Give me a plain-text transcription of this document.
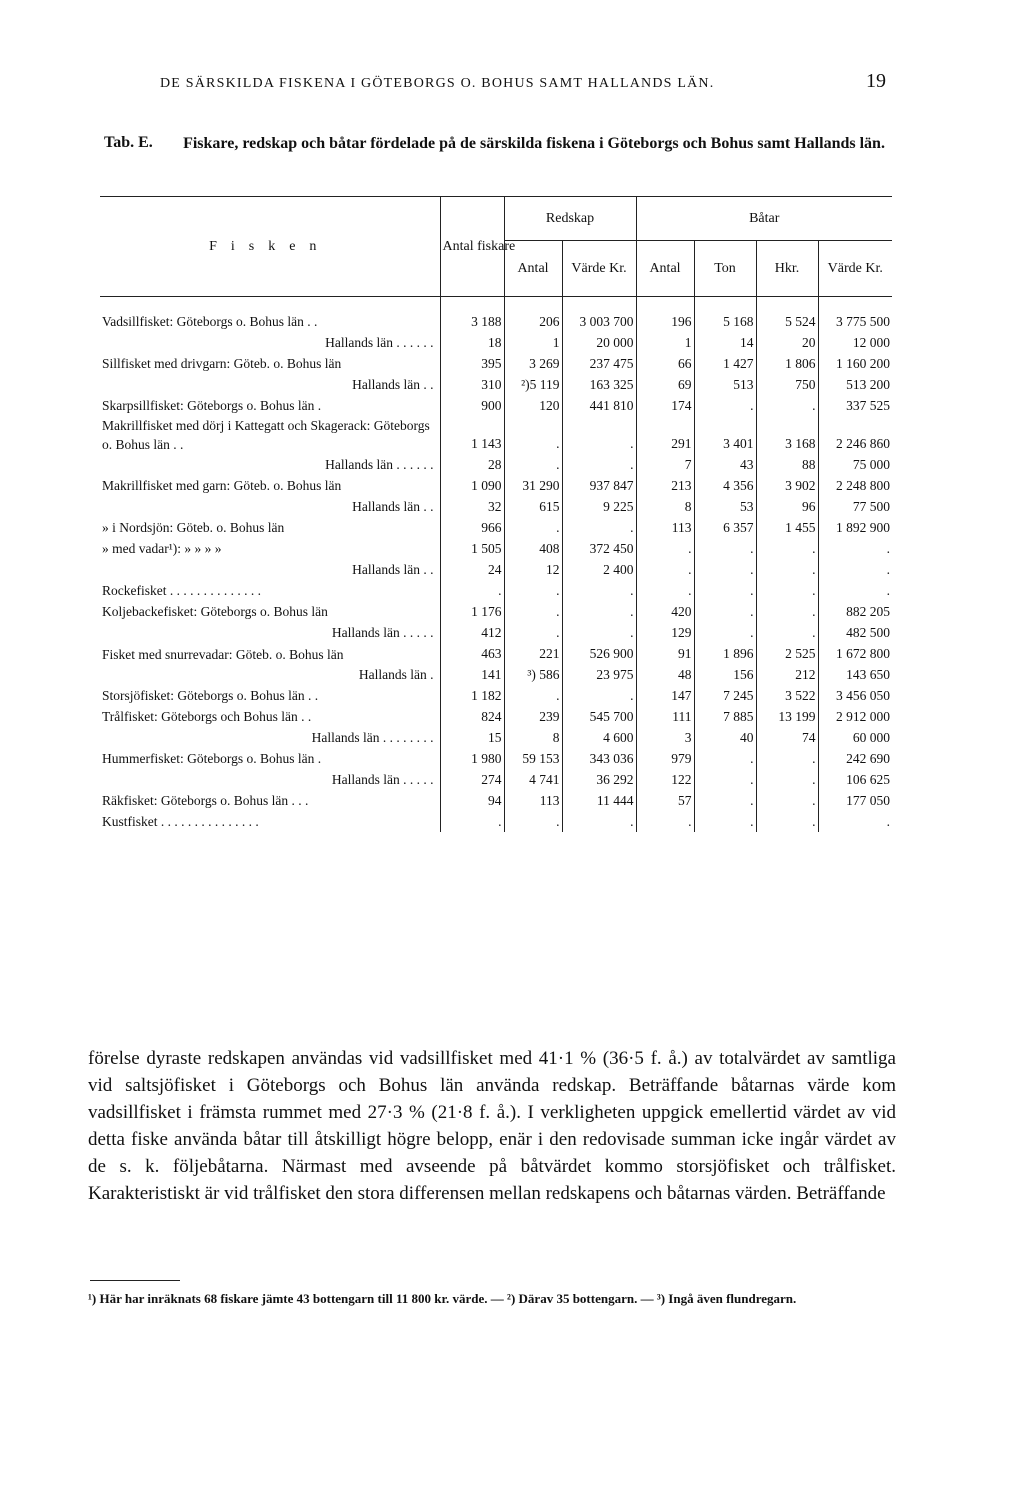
DE SÄRSKILDA FISKENA I GÖTEBORGS O. BOHUS SAMT HALLANDS LÄN.	19
Tab. E.	Fiskare, redskap och båtar fördelade på de särskilda fiskena i Göteborgs och Bohus samt Hallands län.
Fisken	Antal fiskare	Redskap		Båtar			
		Antal	Värde Kr.	Antal	Ton	Hkr.	Värde Kr.

Vadsillfisket: Göteborgs o. Bohus län . .	3 188	206	3 003 700	196	5 168	5 524	3 775 500
Hallands län . . . . . .	18	1	20 000	1	14	20	12 000
Sillfisket med drivgarn: Göteb. o. Bohus län	395	3 269	237 475	66	1 427	1 806	1 160 200
Hallands län . .	310	²)5 119	163 325	69	513	750	513 200
Skarpsillfisket: Göteborgs o. Bohus län .	900	120	441 810	174	.	.	337 525
Makrillfisket med dörj i Kattegatt och Skagerack: Göteborgs o. Bohus län . .	1 143	.	.	291	3 401	3 168	2 246 860
Hallands län . . . . . .	28	.	.	7	43	88	75 000
Makrillfisket med garn: Göteb. o. Bohus län	1 090	31 290	937 847	213	4 356	3 902	2 248 800
Hallands län . .	32	615	9 225	8	53	96	77 500
» i Nordsjön: Göteb. o. Bohus län	966	.	.	113	6 357	1 455	1 892 900
» med vadar¹): » » » »	1 505	408	372 450	.	.	.	.
Hallands län . .	24	12	2 400	.	.	.	.
Rockefisket . . . . . . . . . . . . . .	.	.	.	.	.	.	.
Koljebackefisket: Göteborgs o. Bohus län	1 176	.	.	420	.	.	882 205
Hallands län . . . . .	412	.	.	129	.	.	482 500
Fisket med snurrevadar: Göteb. o. Bohus län	463	221	526 900	91	1 896	2 525	1 672 800
Hallands län .	141	³) 586	23 975	48	156	212	143 650
Storsjöfisket: Göteborgs o. Bohus län . .	1 182	.	.	147	7 245	3 522	3 456 050
Trålfisket: Göteborgs och Bohus län . .	824	239	545 700	111	7 885	13 199	2 912 000
Hallands län . . . . . . . .	15	8	4 600	3	40	74	60 000
Hummerfisket: Göteborgs o. Bohus län .	1 980	59 153	343 036	979	.	.	242 690
Hallands län . . . . .	274	4 741	36 292	122	.	.	106 625
Räkfisket: Göteborgs o. Bohus län . . .	94	113	11 444	57	.	.	177 050
Kustfisket . . . . . . . . . . . . . . .	.	.	.	.	.	.	.

förelse dyraste redskapen användas vid vadsillfisket med 41·1 % (36·5 f. å.) av totalvärdet av samtliga vid saltsjöfisket i Göteborgs och Bohus län använda redskap. Beträffande båtarnas värde kom vadsillfisket i främsta rummet med 27·3 % (21·8 f. å.). I verkligheten uppgick emellertid värdet av vid detta fiske använda båtar till åtskilligt högre belopp, enär i den redovisade summan icke ingår värdet av de s. k. följebåtarna. Närmast med avseende på båtvärdet kommo storsjöfisket och trålfisket. Karakteristiskt är vid trålfisket den stora differensen mellan redskapens och båtarnas värden. Beträffande

¹) Här har inräknats 68 fiskare jämte 43 bottengarn till 11 800 kr. värde. — ²) Därav 35 bottengarn. — ³) Ingå även flundregarn.
